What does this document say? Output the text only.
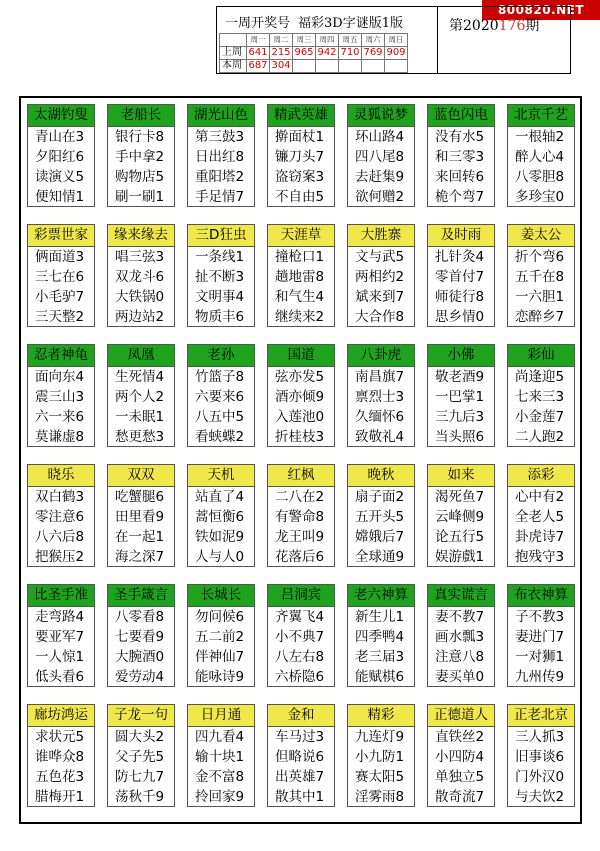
800820.NET
一周开奖号 福彩3D字谜版1版
	周一	周二	周三	周四	周五	周六	周日
上周	641	215	965	942	710	769	909
本周	687	304					
第2020176期
太湖钓叟
青山在3
夕阳红6
读演义5
便知情1
老船长
银行卡8
手中拿2
购物店5
刷一刷1
湖光山色
第三鼓3
日出红8
重阳塔2
手足情7
精武英雄
擀面杖1
镰刀头7
盗窃案3
不自由5
灵狐说梦
环山路4
四八尾8
去赶集9
欲何赠2
蓝色闪电
没有水5
和三零3
来回转6
桅个弯7
北京千艺
一根轴2
醉人心4
八零胆8
多珍宝0
彩票世家
俩面道3
三七在6
小毛驴7
三天整2
缘来缘去
唱三弦3
双龙斗6
大铁锅0
两边站2
三D狂虫
一条线1
扯不断3
文明事4
物质丰6
天涯草
撞枪口1
趟地雷8
和气生4
继续来2
大胜寨
文与武5
两相约2
斌来到7
大合作8
及时雨
扎针灸4
零首付7
师徒行8
思乡情0
姜太公
折个弯6
五千在8
一六胆1
恋醉乡7
忍者神龟
面向东4
震三山3
六一来6
莫谦虚8
凤凰
生死情4
两个人2
一未眠1
愁更愁3
老孙
竹篮子8
六要来6
八五中5
看蛱蝶2
国道
弦亦发5
酒亦倾9
入莲池0
折桂枝3
八卦虎
南昌旗7
禀烈士3
久缅怀6
致敬礼4
小佛
敬老酒9
一巴掌1
三九后3
当头照6
彩仙
尚逢迎5
七来三3
小金莲7
二人跑2
晓乐
双白鹤3
零注意6
八六后8
把猴压2
双双
吃蟹腿6
田里看9
在一起1
海之深7
天机
站直了4
蒿恒衡6
铁如泥9
人与人0
红枫
二八在2
有警命8
龙王叫9
花落后6
晚秋
扇子面2
五开头5
嫦娥后7
全球通9
如来
渴死鱼7
云峰侧9
论五行5
娱游戲1
添彩
心中有2
全老人5
卦虎诗7
抱残守3
比圣手准
走弯路4
要亚军7
一人惊1
低头看6
圣手箴言
八零看8
七要看9
大腕酒0
爱劳动4
长城长
勿问候6
五二前2
伴神仙7
能咏诗9
吕洞宾
齐翼飞4
小不典7
八左右8
六桥隐6
老六神算
新生儿1
四季鸭4
老三届3
能赋棋6
真实谎言
妻不教7
画水瓢3
注意八8
妻买单0
布衣神算
子不教3
妻进门7
一对狮1
九州传9
廊坊鸿运
求状元5
谁哗众8
五色花3
腊梅开1
子龙一句
圆大头2
父子先5
防七九7
荡秋千9
日月通
四九看4
输十块1
金不富8
拎回家9
金和
车马过3
但略说6
出英雄7
散其中1
精彩
九连灯9
小九防1
赛太阳5
淫雾雨8
正德道人
直铁丝2
小四防4
单独立5
散奇流7
正老北京
三人抓3
旧事谈6
门外汉0
与夫饮2
